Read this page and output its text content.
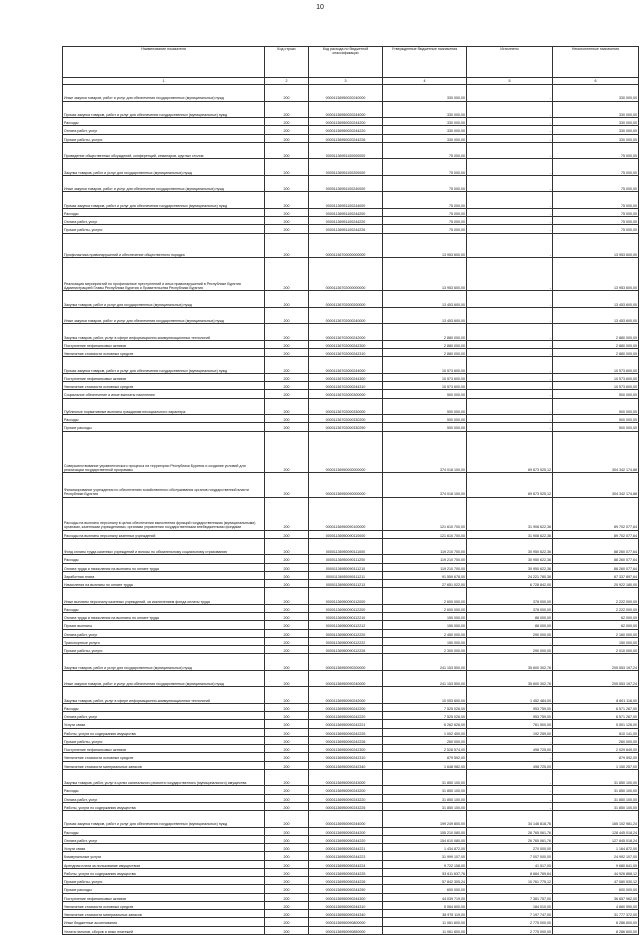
10
Наименование показателя	Код строки	Код расхода по бюджетной классификации	Утвержденные бюджетные назначения	Исполнено	Неисполненные назначения
1	2	3	4	5	6
Иные закупки товаров, работ и услуг для обеспечения государственных (муниципальных) нужд	200	00001136950020240000	330 000,00	-	330 000,00
Прочая закупка товаров, работ и услуг для обеспечения государственных (муниципальных) нужд	200	00001136950020244000	330 000,00	-	330 000,00
Расходы	200	00001136950020244200	330 000,00	-	330 000,00
Оплата работ, услуг	200	00001136950020244220	330 000,00	-	330 000,00
Прочие работы, услуги	200	00001136950020244226	330 000,00	-	330 000,00
Проведение общественных обсуждений, конференций, семинаров, круглых столов	200	00001136951100000000	75 000,00	-	75 000,00
Закупка товаров, работ и услуг для государственных (муниципальных) нужд	200	00001136951100200000	75 000,00	-	75 000,00
Иные закупки товаров, работ и услуг для обеспечения государственных (муниципальных) нужд	200	00001136951100240000	75 000,00	-	75 000,00
Прочая закупка товаров, работ и услуг для обеспечения государственных (муниципальных) нужд	200	00001136951100244000	75 000,00	-	75 000,00
Расходы	200	00001136951100244200	75 000,00	-	75 000,00
Оплата работ, услуг	200	00001136951100244220	75 000,00	-	75 000,00
Прочие работы, услуги	200	00001136951100244226	75 000,00	-	75 000,00
Профилактика правонарушений и обеспечение общественного порядка	200	00001136700000000000	13 953 600,00	-	13 953 600,00
Реализация мероприятий по профилактике преступлений и иных правонарушений в Республике Бурятия Администрацией Главы Республики Бурятия и Правительства Республики Бурятия	200	00001136702000000000	13 953 600,00	-	13 953 600,00
Закупка товаров, работ и услуг для государственных (муниципальных) нужд	200	00001136702000200000	13 453 600,00	-	13 453 600,00
Иные закупки товаров, работ и услуг для обеспечения государственных (муниципальных) нужд	200	00001136702000240000	13 453 600,00	-	13 453 600,00
Закупка товаров, работ, услуг в сфере информационно-коммуникационных технологий	200	00001136702000242000	2 880 000,00	-	2 880 000,00
Поступление нефинансовых активов	200	00001136702000242300	2 880 000,00	-	2 880 000,00
Увеличение стоимости основных средств	200	00001136702000242310	2 880 000,00	-	2 880 000,00
Прочая закупка товаров, работ и услуг для обеспечения государственных (муниципальных) нужд	200	00001136702000244000	10 573 600,00	-	10 573 600,00
Поступление нефинансовых активов	200	00001136702000244300	10 573 600,00	-	10 573 600,00
Увеличение стоимости основных средств	200	00001136702000244310	10 573 600,00	-	10 573 600,00
Социальное обеспечение и иные выплаты населению	200	00001136702000300000	500 000,00	-	500 000,00
Публичные нормативные выплаты гражданам несоциального характера	200	00001136702000330000	500 000,00	-	500 000,00
Расходы	200	00001136702000330200	500 000,00	-	500 000,00
Прочие расходы	200	00001136702000330290	500 000,00	-	500 000,00
Совершенствование управленческого процесса на территории Республики Бурятия и создание условий для реализации государственной программы	200	00001136950000000000	374 016 100,00	69 673 925,12	304 342 174,88
Финансирование учреждения по обеспечению хозяйственного обслуживания органов государственной власти Республики Бурятия	200	00001136950090000000	374 016 100,00	69 673 925,12	304 342 174,88
Расходы на выплаты персоналу в целях обеспечения выполнения функций государственными (муниципальными) органами, казенными учреждениями, органами управления государственными внебюджетными фондами	200	00001136950090100000	121 610 700,00	31 908 622,36	89 702 077,64
Расходы на выплаты персоналу казенных учреждений	200	00001136950090110000	121 610 700,00	31 908 622,36	89 702 077,64
Фонд оплаты труда казенных учреждений и взносы по обязательному социальному страхованию	200	00001136950090111000	119 210 700,00	30 950 622,36	88 260 077,64
Расходы	200	00001136950090111200	119 210 700,00	30 950 622,36	88 260 077,64
Оплата труда и начисления на выплаты по оплате труда	200	00001136950090111210	119 210 700,00	30 950 622,36	88 260 077,64
Заработная плата	200	00001136950090111211	91 559 678,00	24 221 780,36	67 337 897,64
Начисления на выплаты по оплате труда	200	00001136950090111213	27 651 022,00	6 728 842,00	20 922 180,00
Иные выплаты персоналу казенных учреждений, за исключением фонда оплаты труда	200	00001136950090112000	2 600 000,00	378 000,00	2 222 000,00
Расходы	200	00001136950090112200	2 600 000,00	378 000,00	2 222 000,00
Оплата труда и начисления на выплаты по оплате труда	200	00001136950090112210	150 000,00	88 000,00	62 000,00
Прочие выплаты	200	00001136950090112212	150 000,00	88 000,00	62 000,00
Оплата работ, услуг	200	00001136950090112220	2 450 000,00	290 000,00	2 160 000,00
Транспортные услуги	200	00001136950090112222	150 000,00	-	150 000,00
Прочие работы, услуги	200	00001136950090112226	2 300 000,00	290 000,00	2 010 000,00
Закупка товаров, работ и услуг для государственных (муниципальных) нужд	200	00001136950090200000	241 153 500,00	35 600 302,76	205 553 197,24
Иные закупки товаров, работ и услуг для обеспечения государственных (муниципальных) нужд	200	00001136950090240000	241 153 500,00	35 600 302,76	205 553 197,24
Закупка товаров, работ, услуг в сфере информационно-коммуникационных технологий	200	00001136950090242000	10 053 600,00	1 452 484,00	8 601 116,00
Расходы	200	00001136950090242200	7 525 026,00	953 759,00	6 571 267,00
Оплата работ, услуг	200	00001136950090242220	7 525 026,00	953 759,00	6 571 267,00
Услуги связи	200	00001136950090242221	6 262 626,00	761 500,00	5 501 126,00
Работы, услуги по содержанию имущества	200	00001136950090242225	1 002 400,00	192 259,00	810 141,00
Прочие работы, услуги	200	00001136950090242226	260 000,00	-	260 000,00
Поступление нефинансовых активов	200	00001136950090242300	2 528 574,00	498 725,00	2 029 849,00
Увеличение стоимости основных средств	200	00001136950090242310	879 592,00	-	879 592,00
Увеличение стоимости материальных запасов	200	00001136950090242340	1 648 982,00	498 725,00	1 150 257,00
Закупка товаров, работ, услуг в целях капитального ремонта государственного (муниципального) имущества	200	00001136950090243000	31 850 100,00	-	31 850 100,00
Расходы	200	00001136950090243200	31 850 100,00	-	31 850 100,00
Оплата работ, услуг	200	00001136950090243220	31 850 100,00	-	31 850 100,00
Работы, услуги по содержанию имущества	200	00001136950090243225	31 850 100,00	-	31 850 100,00
Прочая закупка товаров, работ и услуг для обеспечения государственных (муниципальных) нужд	200	00001136950090244000	199 249 800,00	34 146 818,76	165 102 981,24
Расходы	200	00001136950090244200	155 210 080,00	26 765 061,76	128 445 018,24
Оплата работ, услуг	200	00001136950090244220	154 610 080,00	26 765 061,76	127 845 018,24
Услуги связи	200	00001136950090244221	1 434 872,00	270 000,00	1 164 872,00
Коммунальные услуги	200	00001136950090244223	31 999 107,00	7 007 000,00	24 992 107,00
Арендная плата за пользование имуществом	200	00001136950090244224	9 722 158,00	41 517,00	9 680 641,00
Работы, услуги по содержанию имущества	200	00001136950090244225	53 611 637,76	8 684 769,64	44 926 868,12
Прочие работы, услуги	200	00001136950090244226	57 842 305,24	10 761 775,12	47 080 530,12
Прочие расходы	200	00001136950090244290	600 000,00	-	600 000,00
Поступление нефинансовых активов	200	00001136950090244300	44 039 719,00	7 381 757,00	36 657 962,00
Увеличение стоимости основных средств	200	00001136950090244310	5 064 600,00	184 010,00	4 880 590,00
Увеличение стоимости материальных запасов	200	00001136950090244340	38 975 119,00	7 197 747,00	31 777 372,00
Иные бюджетные ассигнования	200	00001136950090800000	11 061 600,00	2 775 000,00	8 286 600,00
Уплата налогов, сборов и иных платежей	200	00001136950090850000	11 061 600,00	2 775 000,00	8 286 600,00
